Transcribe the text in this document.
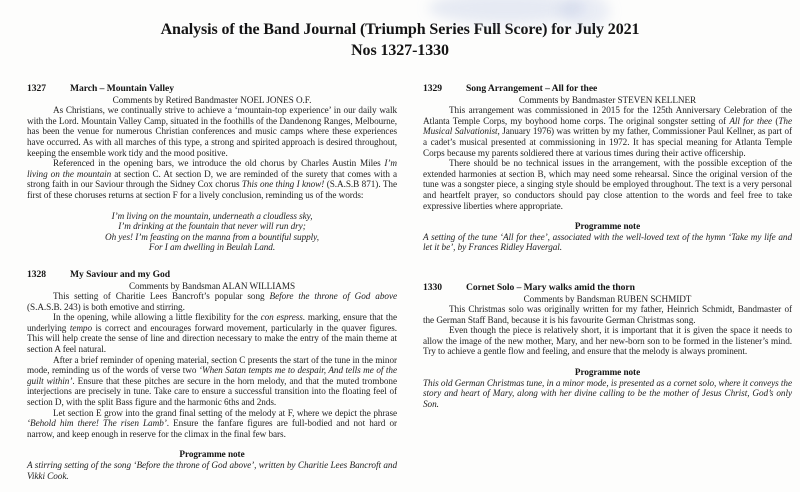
Analysis of the Band Journal (Triumph Series Full Score) for July 2021
Nos 1327-1330
1327	March – Mountain Valley
Comments by Retired Bandmaster NOEL JONES O.F.

As Christians, we continually strive to achieve a ‘mountain-top experience’ in our daily walk with the Lord. Mountain Valley Camp, situated in the foothills of the Dandenong Ranges, Melbourne, has been the venue for numerous Christian conferences and music camps where these experiences have occurred. As with all marches of this type, a strong and spirited approach is desired throughout, keeping the ensemble work tidy and the mood positive.

Referenced in the opening bars, we introduce the old chorus by Charles Austin Miles I’m living on the mountain at section C. At section D, we are reminded of the surety that comes with a strong faith in our Saviour through the Sidney Cox chorus This one thing I know! (S.A.S.B 871). The first of these choruses returns at section F for a lively conclusion, reminding us of the words:

I’m living on the mountain, underneath a cloudless sky,
I’m drinking at the fountain that never will run dry;
Oh yes! I’m feasting on the manna from a bountiful supply,
For I am dwelling in Beulah Land.
1328	My Saviour and my God
Comments by Bandsman ALAN WILLIAMS

This setting of Charitie Lees Bancroft’s popular song Before the throne of God above (S.A.S.B. 243) is both emotive and stirring.

In the opening, while allowing a little flexibility for the con espress. marking, ensure that the underlying tempo is correct and encourages forward movement, particularly in the quaver figures. This will help create the sense of line and direction necessary to make the entry of the main theme at section A feel natural.

After a brief reminder of opening material, section C presents the start of the tune in the minor mode, reminding us of the words of verse two ‘When Satan tempts me to despair, And tells me of the guilt within’. Ensure that these pitches are secure in the horn melody, and that the muted trombone interjections are precisely in tune. Take care to ensure a successful transition into the floating feel of section D, with the split Bass figure and the harmonic 6ths and 2nds.

Let section E grow into the grand final setting of the melody at F, where we depict the phrase ‘Behold him there! The risen Lamb’. Ensure the fanfare figures are full-bodied and not hard or narrow, and keep enough in reserve for the climax in the final few bars.

Programme note

A stirring setting of the song ‘Before the throne of God above’, written by Charitie Lees Bancroft and Vikki Cook.

1329	Song Arrangement – All for thee
Comments by Bandmaster STEVEN KELLNER

This arrangement was commissioned in 2015 for the 125th Anniversary Celebration of the Atlanta Temple Corps, my boyhood home corps. The original songster setting of All for thee (The Musical Salvationist, January 1976) was written by my father, Commissioner Paul Kellner, as part of a cadet’s musical presented at commissioning in 1972. It has special meaning for Atlanta Temple Corps because my parents soldiered there at various times during their active officership.

There should be no technical issues in the arrangement, with the possible exception of the extended harmonies at section B, which may need some rehearsal. Since the original version of the tune was a songster piece, a singing style should be employed throughout. The text is a very personal and heartfelt prayer, so conductors should pay close attention to the words and feel free to take expressive liberties where appropriate.

Programme note

A setting of the tune ‘All for thee’, associated with the well-loved text of the hymn ‘Take my life and let it be’, by Frances Ridley Havergal.

1330	Cornet Solo – Mary walks amid the thorn
Comments by Bandsman RUBEN SCHMIDT

This Christmas solo was originally written for my father, Heinrich Schmidt, Bandmaster of the German Staff Band, because it is his favourite German Christmas song.

Even though the piece is relatively short, it is important that it is given the space it needs to allow the image of the new mother, Mary, and her new-born son to be formed in the listener’s mind. Try to achieve a gentle flow and feeling, and ensure that the melody is always prominent.

Programme note

This old German Christmas tune, in a minor mode, is presented as a cornet solo, where it conveys the story and heart of Mary, along with her divine calling to be the mother of Jesus Christ, God’s only Son.
